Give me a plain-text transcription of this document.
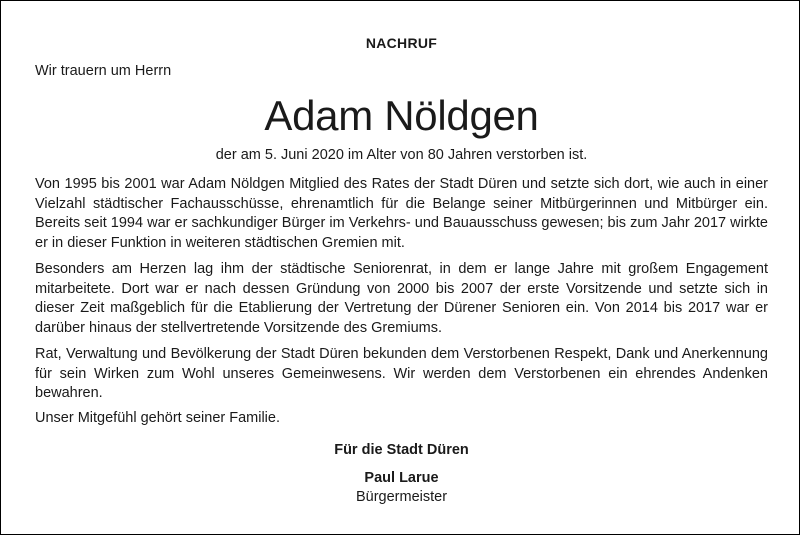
NACHRUF
Wir trauern um Herrn
Adam Nöldgen
der am 5. Juni 2020 im Alter von 80 Jahren verstorben ist.
Von 1995 bis 2001 war Adam Nöldgen Mitglied des Rates der Stadt Düren und setzte sich dort, wie auch in einer Vielzahl städtischer Fachausschüsse, ehrenamtlich für die Belange seiner Mitbürgerinnen und Mitbürger ein. Bereits seit 1994 war er sachkundiger Bürger im Verkehrs- und Bauausschuss gewesen; bis zum Jahr 2017 wirkte er in dieser Funktion in weiteren städtischen Gremien mit.
Besonders am Herzen lag ihm der städtische Seniorenrat, in dem er lange Jahre mit großem Engagement mitarbeitete. Dort war er nach dessen Gründung von 2000 bis 2007 der erste Vorsitzende und setzte sich in dieser Zeit maßgeblich für die Etablierung der Vertretung der Dürener Senioren ein. Von 2014 bis 2017 war er darüber hinaus der stellvertretende Vorsitzende des Gremiums.
Rat, Verwaltung und Bevölkerung der Stadt Düren bekunden dem Verstorbenen Respekt, Dank und Anerkennung für sein Wirken zum Wohl unseres Gemeinwesens. Wir werden dem Verstorbenen ein ehrendes Andenken bewahren.
Unser Mitgefühl gehört seiner Familie.
Für die Stadt Düren
Paul Larue
Bürgermeister
